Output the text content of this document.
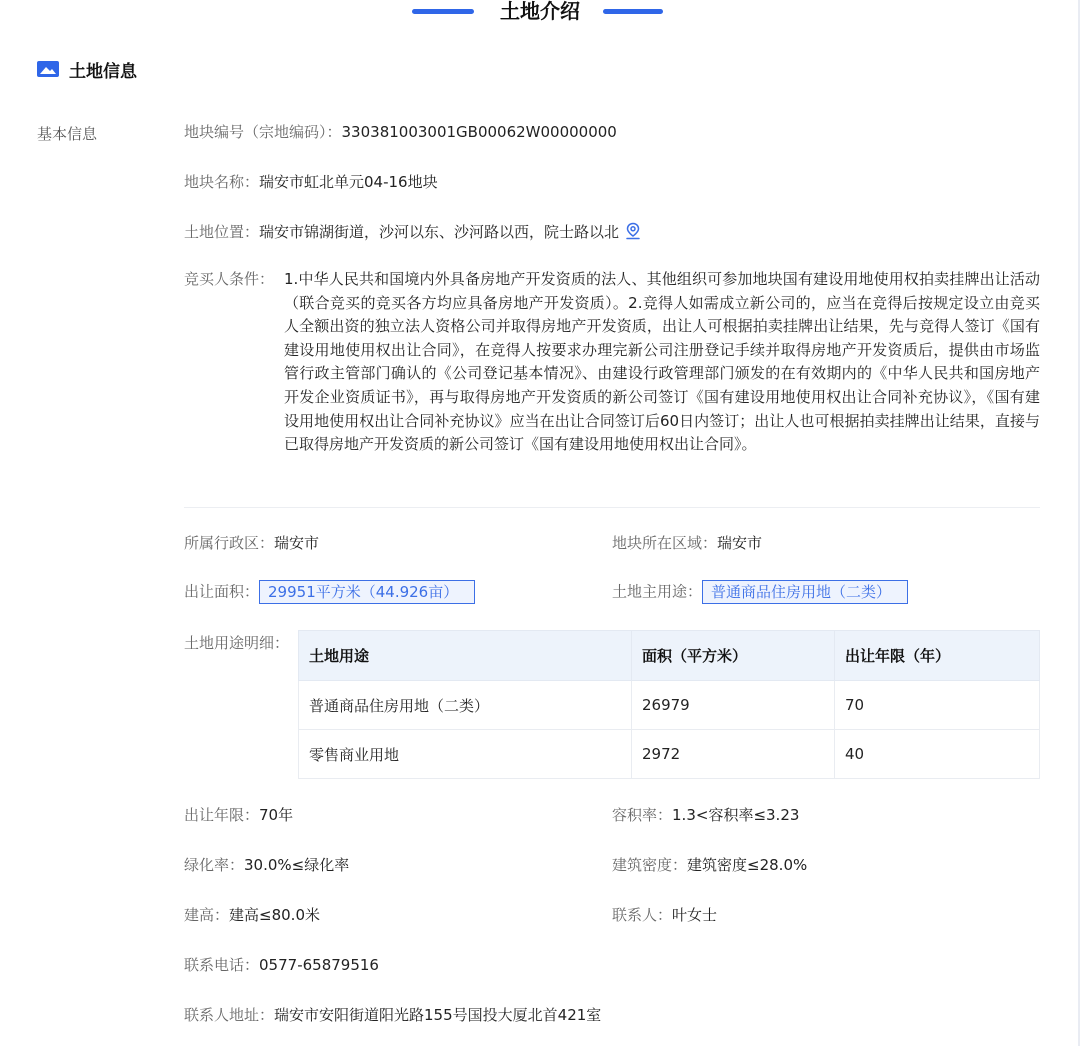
土地介绍
土地信息
基本信息	地块编号（宗地编码）：330381003001GB00062W00000000
地块名称：瑞安市虹北单元04-16地块
土地位置：瑞安市锦湖街道，沙河以东、沙河路以西，院士路以北
竞买人条件： 1.中华人民共和国境内外具备房地产开发资质的法人、其他组织可参加地块国有建设用地使用权拍卖挂牌出让活动（联合竞买的竞买各方均应具备房地产开发资质）。2.竞得人如需成立新公司的，应当在竞得后按规定设立由竞买人全额出资的独立法人资格公司并取得房地产开发资质，出让人可根据拍卖挂牌出让结果，先与竞得人签订《国有建设用地使用权出让合同》，在竞得人按要求办理完新公司注册登记手续并取得房地产开发资质后，提供由市场监管行政主管部门确认的《公司登记基本情况》、由建设行政管理部门颁发的在有效期内的《中华人民共和国房地产开发企业资质证书》，再与取得房地产开发资质的新公司签订《国有建设用地使用权出让合同补充协议》，《国有建设用地使用权出让合同补充协议》应当在出让合同签订后60日内签订；出让人也可根据拍卖挂牌出让结果，直接与已取得房地产开发资质的新公司签订《国有建设用地使用权出让合同》。
所属行政区：瑞安市	地块所在区域：瑞安市
出让面积： 29951平方米（44.926亩）	土地主用途： 普通商品住房用地（二类）
土地用途明细：
土地用途	面积（平方米）	出让年限（年）
普通商品住房用地（二类）	26979	70
零售商业用地	2972	40
出让年限：70年	容积率：1.3<容积率≤3.23
绿化率：30.0%≤绿化率	建筑密度：建筑密度≤28.0%
建高：建高≤80.0米	联系人：叶女士
联系电话：0577-65879516
联系人地址：瑞安市安阳街道阳光路155号国投大厦北首421室
